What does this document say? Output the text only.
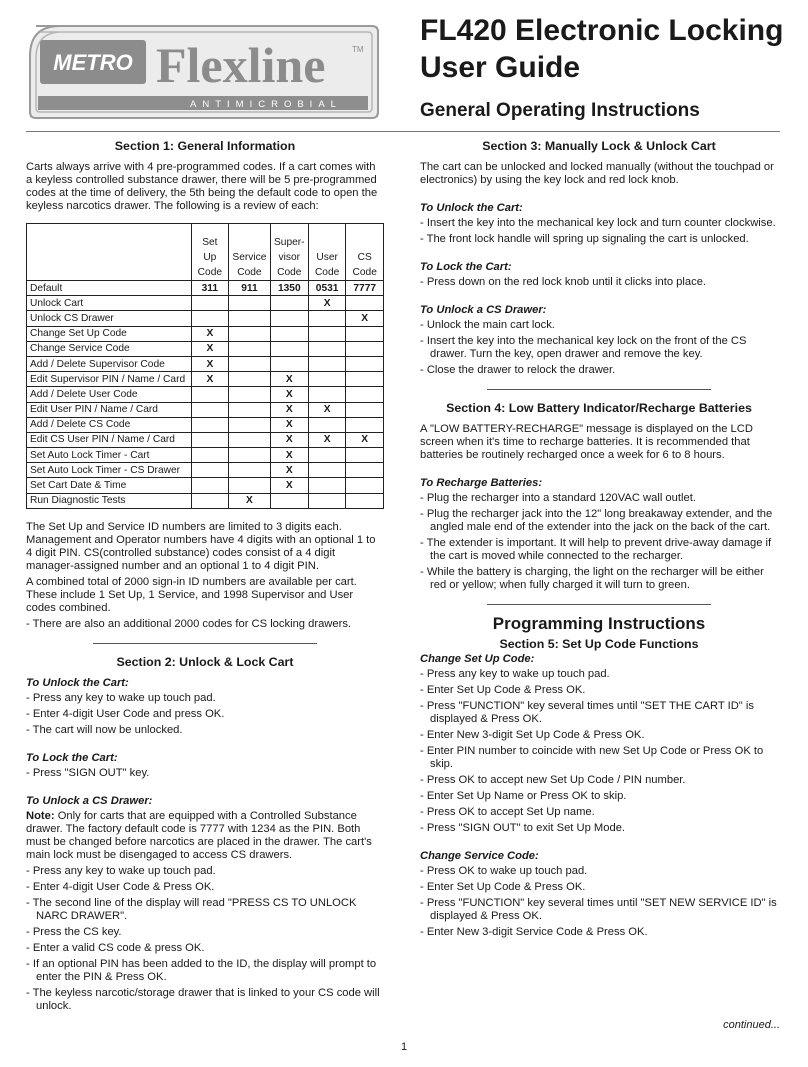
METRO Flexline	TM
ANTIMICROBIAL
FL420 Electronic Locking
User Guide
General Operating Instructions
Section 1: General Information

Carts always arrive with 4 pre-programmed codes. If a cart comes with a keyless controlled substance drawer, there will be 5 pre-programmed codes at the time of delivery, the 5th being the default code to open the keyless narcotics drawer. The following is a review of each:

	Set Up
Code	Service
Code	Super-
visor
Code	User
Code	CS
Code
Default	311	911	1350	0531	7777
Unlock Cart				X	
Unlock CS Drawer					X
Change Set Up Code	X				
Change Service Code	X				
Add / Delete Supervisor Code	X				
Edit Supervisor PIN / Name / Card	X		X		
Add / Delete User Code			X		
Edit User PIN / Name / Card			X	X	
Add / Delete CS Code			X		
Edit CS User PIN / Name / Card			X	X	X
Set Auto Lock Timer - Cart			X		
Set Auto Lock Timer - CS Drawer			X		
Set Cart Date & Time			X		
Run Diagnostic Tests		X			

The Set Up and Service ID numbers are limited to 3 digits each. Management and Operator numbers have 4 digits with an optional 1 to 4 digit PIN. CS(controlled substance) codes consist of a 4 digit manager-assigned number and an optional 1 to 4 digit PIN.

A combined total of 2000 sign-in ID numbers are available per cart. These include 1 Set Up, 1 Service, and 1998 Supervisor and User codes combined.

- There are also an additional 2000 codes for CS locking drawers.

Section 2: Unlock & Lock Cart
To Unlock the Cart:
- Press any key to wake up touch pad.
- Enter 4-digit User Code and press OK.
- The cart will now be unlocked.
To Lock the Cart:
- Press "SIGN OUT" key.
To Unlock a CS Drawer:

Note: Only for carts that are equipped with a Controlled Substance drawer. The factory default code is 7777 with 1234 as the PIN. Both must be changed before narcotics are placed in the drawer. The cart's main lock must be disengaged to access CS drawers.

- Press any key to wake up touch pad.
- Enter 4-digit User Code & Press OK.
- The second line of the display will read "PRESS CS TO UNLOCK NARC DRAWER".
- Press the CS key.
- Enter a valid CS code & press OK.
- If an optional PIN has been added to the ID, the display will prompt to enter the PIN & Press OK.
- The keyless narcotic/storage drawer that is linked to your CS code will unlock.
Section 3: Manually Lock & Unlock Cart

The cart can be unlocked and locked manually (without the touchpad or electronics) by using the key lock and red lock knob.

To Unlock the Cart:
- Insert the key into the mechanical key lock and turn counter clockwise.
- The front lock handle will spring up signaling the cart is unlocked.
To Lock the Cart:
- Press down on the red lock knob until it clicks into place.
To Unlock a CS Drawer:
- Unlock the main cart lock.
- Insert the key into the mechanical key lock on the front of the CS drawer. Turn the key, open drawer and remove the key.
- Close the drawer to relock the drawer.
Section 4: Low Battery Indicator/Recharge Batteries

A "LOW BATTERY-RECHARGE" message is displayed on the LCD screen when it's time to recharge batteries. It is recommended that batteries be routinely recharged once a week for 6 to 8 hours.

To Recharge Batteries:
- Plug the recharger into a standard 120VAC wall outlet.
- Plug the recharger jack into the 12" long breakaway extender, and the angled male end of the extender into the jack on the back of the cart.
- The extender is important. It will help to prevent drive-away damage if the cart is moved while connected to the recharger.
- While the battery is charging, the light on the recharger will be either red or yellow; when fully charged it will turn to green.
Programming Instructions
Section 5: Set Up Code Functions
Change Set Up Code:
- Press any key to wake up touch pad.
- Enter Set Up Code & Press OK.
- Press "FUNCTION" key several times until "SET THE CART ID" is displayed & Press OK.
- Enter New 3-digit Set Up Code & Press OK.
- Enter PIN number to coincide with new Set Up Code or Press OK to skip.
- Press OK to accept new Set Up Code / PIN number.
- Enter Set Up Name or Press OK to skip.
- Press OK to accept Set Up name.
- Press "SIGN OUT" to exit Set Up Mode.
Change Service Code:
- Press OK to wake up touch pad.
- Enter Set Up Code & Press OK.
- Press "FUNCTION" key several times until "SET NEW SERVICE ID" is displayed & Press OK.
- Enter New 3-digit Service Code & Press OK.
continued...
1
